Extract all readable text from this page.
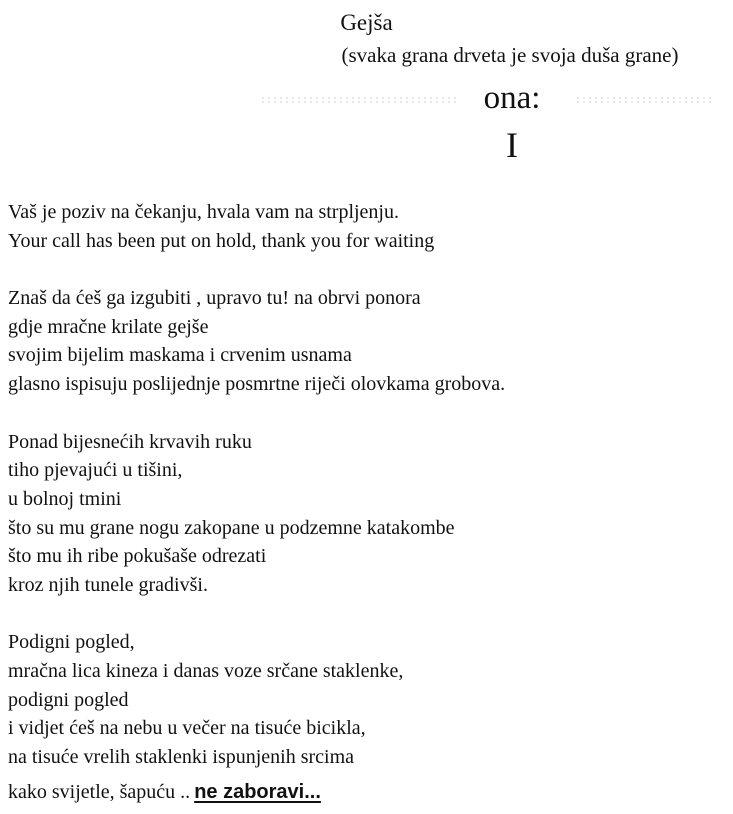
Gejša
(svaka grana drveta je svoja duša grane)
ona:
I
Vaš je poziv na čekanju, hvala vam na strpljenju.
Your call has been put on hold, thank you for waiting
Znaš da ćeš ga izgubiti , upravo tu! na obrvi ponora
gdje mračne krilate gejše
svojim bijelim maskama i crvenim usnama
glasno ispisuju poslijednje posmrtne riječi olovkama grobova.
Ponad bijesnećih krvavih ruku
tiho pjevajući u tišini,
u bolnoj tmini
što su mu grane nogu zakopane u podzemne katakombe
što mu ih ribe pokušaše odrezati
kroz njih tunele gradivši.
Podigni pogled,
mračna lica kineza i danas voze srčane staklenke,
podigni pogled
i vidjet ćeš na nebu u večer na tisuće bicikla,
na tisuće vrelih staklenki ispunjenih srcima
kako svijetle, šapuću .. ne zaboravi...
